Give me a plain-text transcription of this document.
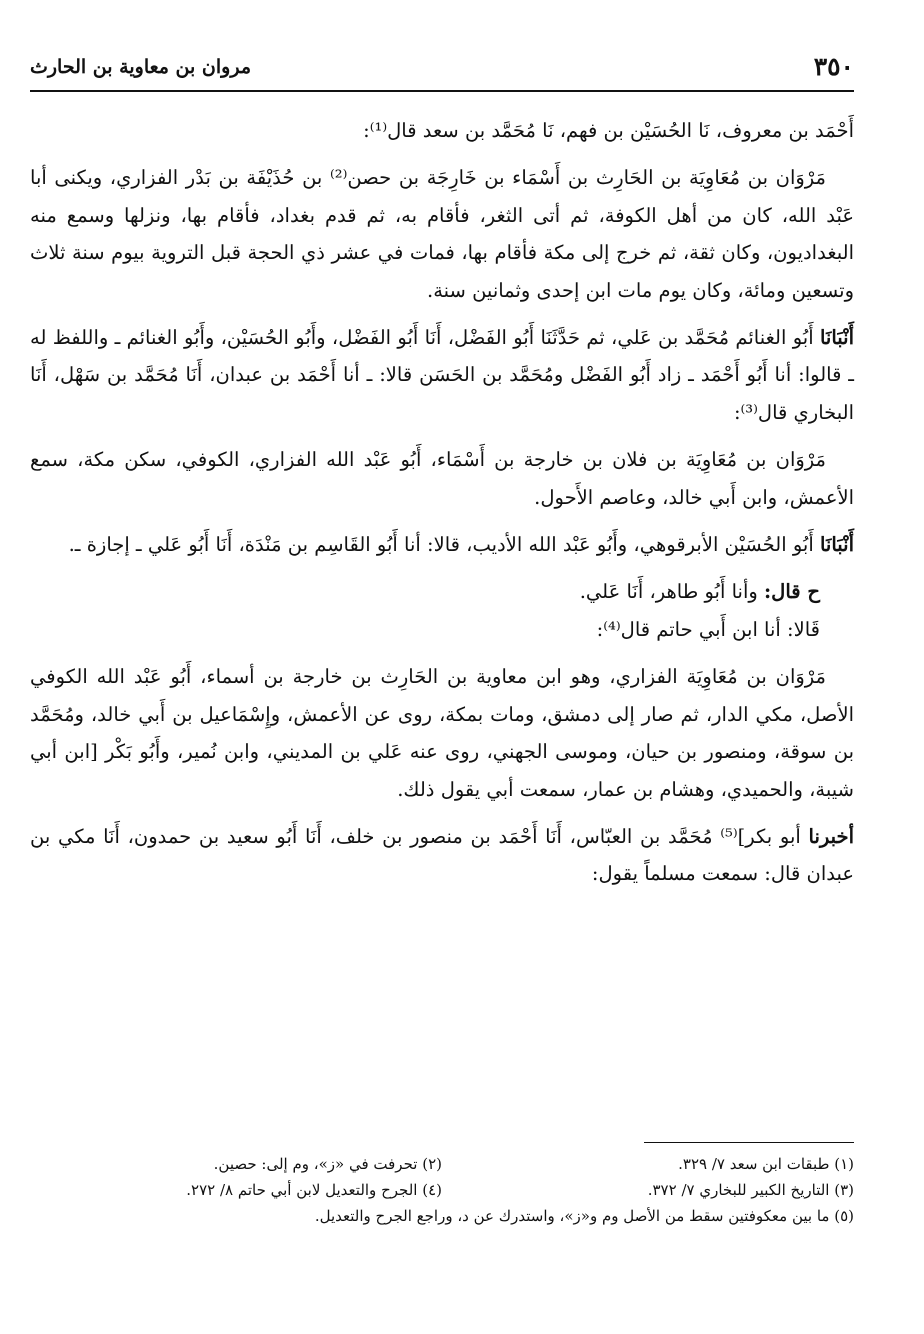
٣٥٠
مروان بن معاوية بن الحارث

أَحْمَد بن معروف، نَا الحُسَيْن بن فهم، نَا مُحَمَّد بن سعد قال⁽¹⁾:

مَرْوَان بن مُعَاوِيَة بن الحَارِث بن أَسْمَاء بن خَارِجَة بن حصن⁽²⁾ بن حُذَيْفَة بن بَدْر الفزاري، ويكنى أبا عَبْد الله، كان من أهل الكوفة، ثم أتى الثغر، فأقام به، ثم قدم بغداد، فأقام بها، ونزلها وسمع منه البغداديون، وكان ثقة، ثم خرج إلى مكة فأقام بها، فمات في عشر ذي الحجة قبل التروية بيوم سنة ثلاث وتسعين ومائة، وكان يوم مات ابن إحدى وثمانين سنة.

أَنْبَانَا أَبُو الغنائم مُحَمَّد بن عَلي، ثم حَدَّثَنَا أَبُو الفَضْل، أَنَا أَبُو الفَضْل، وأَبُو الحُسَيْن، وأَبُو الغنائم ـ واللفظ له ـ قالوا: أنا أَبُو أَحْمَد ـ زاد أَبُو الفَضْل ومُحَمَّد بن الحَسَن قالا: ـ أنا أَحْمَد بن عبدان، أَنَا مُحَمَّد بن سَهْل، أَنَا البخاري قال⁽³⁾:

مَرْوَان بن مُعَاوِيَة بن فلان بن خارجة بن أَسْمَاء، أَبُو عَبْد الله الفزاري، الكوفي، سكن مكة، سمع الأعمش، وابن أَبي خالد، وعاصم الأَحول.

أَنْبَانَا أَبُو الحُسَيْن الأبرقوهي، وأَبُو عَبْد الله الأديب، قالا: أنا أَبُو القَاسِم بن مَنْدَة، أَنَا أَبُو عَلي ـ إجازة ـ.

ح قال: وأنا أَبُو طاهر، أَنَا عَلي.

قَالا: أنا ابن أَبي حاتم قال⁽⁴⁾:

مَرْوَان بن مُعَاوِيَة الفزاري، وهو ابن معاوية بن الحَارِث بن خارجة بن أسماء، أَبُو عَبْد الله الكوفي الأصل، مكي الدار، ثم صار إلى دمشق، ومات بمكة، روى عن الأعمش، وإِسْمَاعيل بن أَبي خالد، ومُحَمَّد بن سوقة، ومنصور بن حيان، وموسى الجهني، روى عنه عَلي بن المديني، وابن نُمير، وأَبُو بَكْر [ابن أبي شيبة، والحميدي، وهشام بن عمار، سمعت أبي يقول ذلك.

أخبرنا أبو بكر]⁽⁵⁾ مُحَمَّد بن العبّاس، أَنَا أَحْمَد بن منصور بن خلف، أَنَا أَبُو سعيد بن حمدون، أَنَا مكي بن عبدان قال: سمعت مسلماً يقول:

(١) طبقات ابن سعد ٧/ ٣٢٩.
(٢) تحرفت في «ز»، وم إلى: حصين.
(٣) التاريخ الكبير للبخاري ٧/ ٣٧٢.
(٤) الجرح والتعديل لابن أبي حاتم ٨/ ٢٧٢.
(٥) ما بين معكوفتين سقط من الأصل وم و«ز»، واستدرك عن د، وراجع الجرح والتعديل.
